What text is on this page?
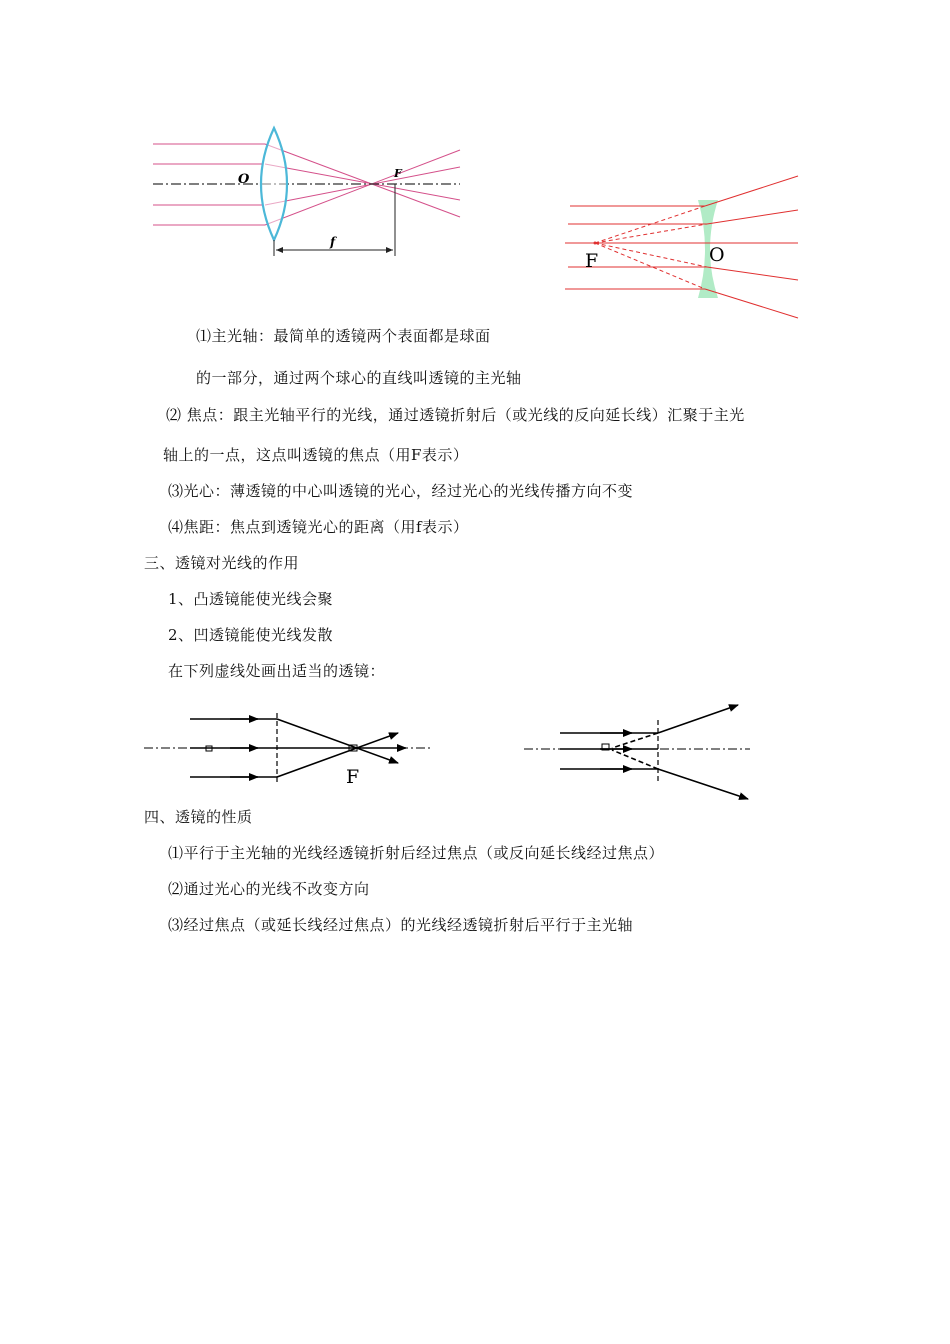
O	F
f
F	O
⑴主光轴：最简单的透镜两个表面都是球面
的一部分，通过两个球心的直线叫透镜的主光轴
⑵ 焦点：跟主光轴平行的光线，通过透镜折射后（或光线的反向延长线）汇聚于主光
轴上的一点，这点叫透镜的焦点（用F表示）
⑶光心：薄透镜的中心叫透镜的光心，经过光心的光线传播方向不变
⑷焦距：焦点到透镜光心的距离（用f表示）
三、透镜对光线的作用
1、凸透镜能使光线会聚
2、凹透镜能使光线发散
在下列虚线处画出适当的透镜：
F
四、透镜的性质
⑴平行于主光轴的光线经透镜折射后经过焦点（或反向延长线经过焦点）
⑵通过光心的光线不改变方向
⑶经过焦点（或延长线经过焦点）的光线经透镜折射后平行于主光轴
